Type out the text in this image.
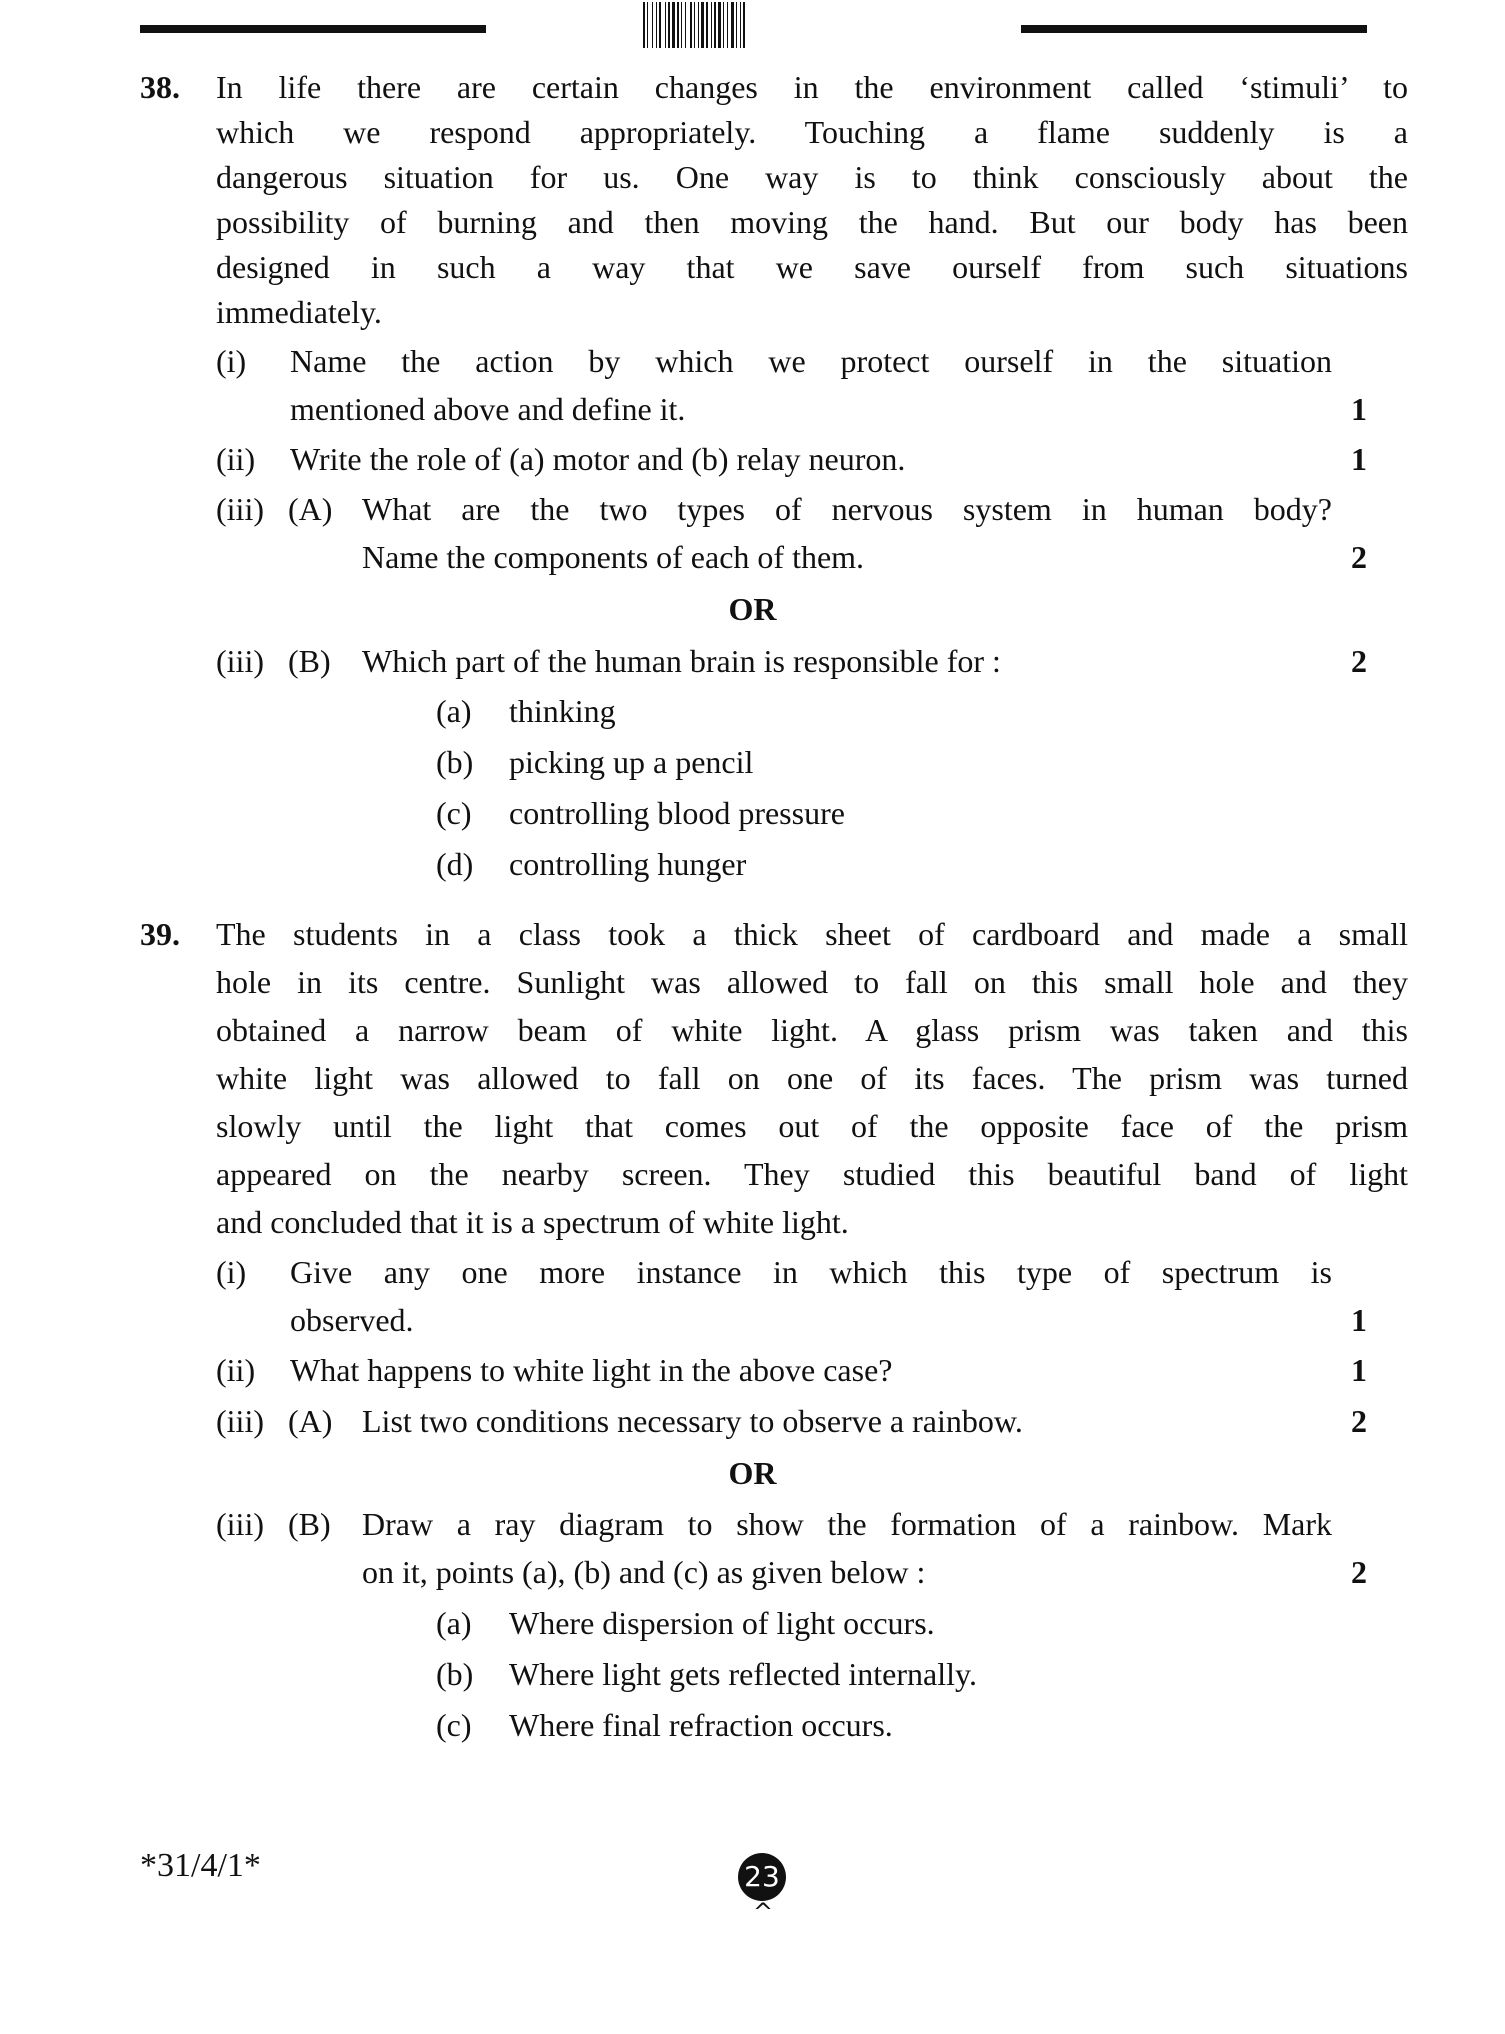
38. In life there are certain changes in the environment called ‘stimuli’ to
which we respond appropriately. Touching a flame suddenly is a
dangerous situation for us. One way is to think consciously about the
possibility of burning and then moving the hand. But our body has been
designed in such a way that we save ourself from such situations
immediately.
(i) Name the action by which we protect ourself in the situation
mentioned above and define it.	1
(ii) Write the role of (a) motor and (b) relay neuron.	1
(iii) (A) What are the two types of nervous system in human body?
Name the components of each of them.	2
OR
(iii) (B) Which part of the human brain is responsible for :	2
(a) thinking
(b) picking up a pencil
(c) controlling blood pressure
(d) controlling hunger
39. The students in a class took a thick sheet of cardboard and made a small
hole in its centre. Sunlight was allowed to fall on this small hole and they
obtained a narrow beam of white light. A glass prism was taken and this
white light was allowed to fall on one of its faces. The prism was turned
slowly until the light that comes out of the opposite face of the prism
appeared on the nearby screen. They studied this beautiful band of light
and concluded that it is a spectrum of white light.
(i) Give any one more instance in which this type of spectrum is
observed.	1
(ii) What happens to white light in the above case?	1
(iii) (A) List two conditions necessary to observe a rainbow.	2
OR
(iii) (B) Draw a ray diagram to show the formation of a rainbow. Mark
on it, points (a), (b) and (c) as given below :	2
(a) Where dispersion of light occurs.
(b) Where light gets reflected internally.
(c) Where final refraction occurs.
*31/4/1*	23
^
